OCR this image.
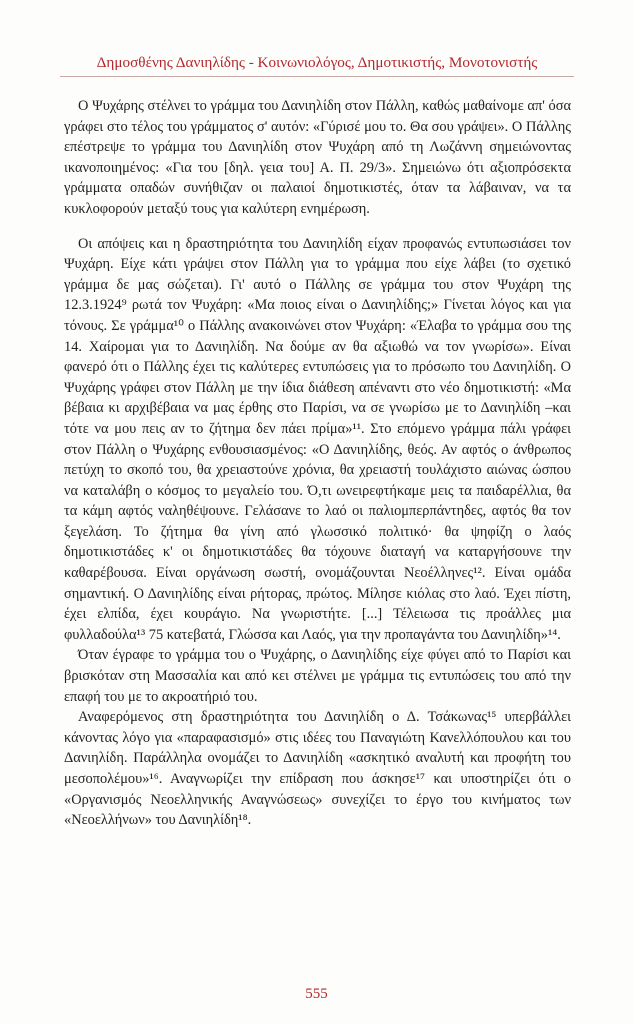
Δημοσθένης Δανιηλίδης - Κοινωνιολόγος, Δημοτικιστής, Μονοτονιστής

Ο Ψυχάρης στέλνει το γράμμα του Δανιηλίδη στον Πάλλη, καθώς μαθαίνομε απ' όσα γράφει στο τέλος του γράμματος σ' αυτόν: «Γύρισέ μου το. Θα σου γράψει». Ο Πάλλης επέστρεψε το γράμμα του Δανιηλίδη στον Ψυχάρη από τη Λωζάννη σημειώνοντας ικανοποιημένος: «Για του [δηλ. γεια του] Α. Π. 29/3». Σημειώνω ότι αξιοπρόσεκτα γράμματα οπαδών συνήθιζαν οι παλαιοί δημοτικιστές, όταν τα λάβαιναν, να τα κυκλοφορούν μεταξύ τους για καλύτερη ενημέρωση.

Οι απόψεις και η δραστηριότητα του Δανιηλίδη είχαν προφανώς εντυπωσιάσει τον Ψυχάρη. Είχε κάτι γράψει στον Πάλλη για το γράμμα που είχε λάβει (το σχετικό γράμμα δε μας σώζεται). Γι' αυτό ο Πάλλης σε γράμμα του στον Ψυχάρη της 12.3.1924⁹ ρωτά τον Ψυχάρη: «Μα ποιος είναι ο Δανιηλίδης;» Γίνεται λόγος και για τόνους. Σε γράμμα¹⁰ ο Πάλλης ανακοινώνει στον Ψυχάρη: «Έλαβα το γράμμα σου της 14. Χαίρομαι για το Δανιηλίδη. Να δούμε αν θα αξιωθώ να τον γνωρίσω». Είναι φανερό ότι ο Πάλλης έχει τις καλύτερες εντυπώσεις για το πρόσωπο του Δανιηλίδη. Ο Ψυχάρης γράφει στον Πάλλη με την ίδια διάθεση απέναντι στο νέο δημοτικιστή: «Μα βέβαια κι αρχιβέβαια να μας έρθης στο Παρίσι, να σε γνωρίσω με το Δανιηλίδη –και τότε να μου πεις αν το ζήτημα δεν πάει πρίμα»¹¹. Στο επόμενο γράμμα πάλι γράφει στον Πάλλη ο Ψυχάρης ενθουσιασμένος: «Ο Δανιηλίδης, θεός. Αν αφτός ο άνθρωπος πετύχη το σκοπό του, θα χρειαστούνε χρόνια, θα χρειαστή τουλάχιστο αιώνας ώσπου να καταλάβη ο κόσμος το μεγαλείο του. Ό,τι ωνειρεφτήκαμε μεις τα παιδαρέλλια, θα τα κάμη αφτός ναληθέψουνε. Γελάσανε το λαό οι παλιομπερπάντηδες, αφτός θα τον ξεγελάση. Το ζήτημα θα γίνη από γλωσσικό πολιτικό· θα ψηφίζη ο λαός δημοτικιστάδες κ' οι δημοτικιστάδες θα τόχουνε διαταγή να καταργήσουνε την καθαρέβουσα. Είναι οργάνωση σωστή, ονομάζουνται Νεοέλληνες¹². Είναι ομάδα σημαντική. Ο Δανιηλίδης είναι ρήτορας, πρώτος. Μίλησε κιόλας στο λαό. Έχει πίστη, έχει ελπίδα, έχει κουράγιο. Να γνωριστήτε. [...] Τέλειωσα τις προάλλες μια φυλλαδούλα¹³ 75 κατεβατά, Γλώσσα και Λαός, για την προπαγάντα του Δανιηλίδη»¹⁴.

Όταν έγραφε το γράμμα του ο Ψυχάρης, ο Δανιηλίδης είχε φύγει από το Παρίσι και βρισκόταν στη Μασσαλία και από κει στέλνει με γράμμα τις εντυπώσεις του από την επαφή του με το ακροατήριό του.

Αναφερόμενος στη δραστηριότητα του Δανιηλίδη ο Δ. Τσάκωνας¹⁵ υπερβάλλει κάνοντας λόγο για «παραφασισμό» στις ιδέες του Παναγιώτη Κανελλόπουλου και του Δανιηλίδη. Παράλληλα ονομάζει το Δανιηλίδη «ασκητικό αναλυτή και προφήτη του μεσοπολέμου»¹⁶. Αναγνωρίζει την επίδραση που άσκησε¹⁷ και υποστηρίζει ότι ο «Οργανισμός Νεοελληνικής Αναγνώσεως» συνεχίζει το έργο του κινήματος των «Νεοελλήνων» του Δανιηλίδη¹⁸.

555
